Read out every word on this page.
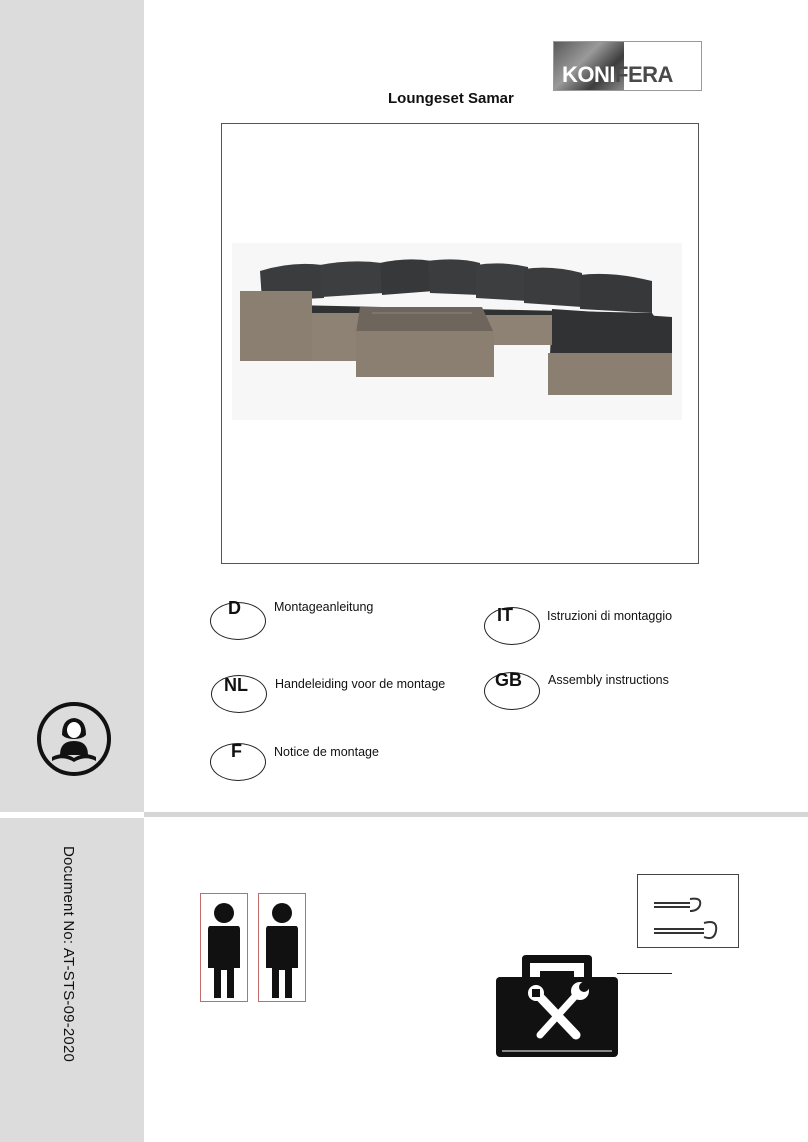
Document No: AT-STS-09-2020
KONIFERA
Loungeset Samar
D	Montageanleitung	IT	Istruzioni di montaggio
NL Handeleiding voor de montage	GB Assembly instructions
F	Notice de montage
